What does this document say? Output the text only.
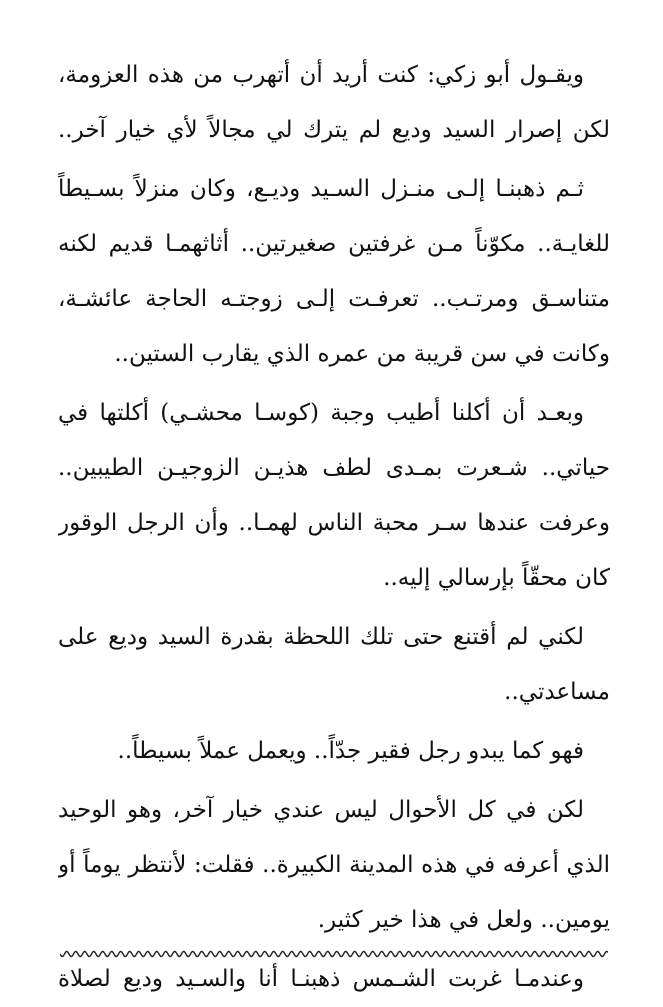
ويقـول أبو زكي: كنت أريد أن أتهرب من هذه العزومة،
لكن إصرار السيد وديع لم يترك لي مجالاً لأي خيار آخر..
ثـم ذهبنـا إلـى منـزل السـيد وديـع، وكان منزلاً بسـيطاً
للغايـة.. مكوّناً مـن غرفتين صغيرتين.. أثاثهمـا قديم لكنه
متناسـق ومرتـب.. تعرفـت إلـى زوجتـه الحاجة عائشـة،
وكانت في سن قريبة من عمره الذي يقارب الستين..
وبعـد أن أكلنا أطيب وجبة (كوسـا محشـي) أكلتها في
حياتي.. شـعرت بمـدى لطف هذيـن الزوجيـن الطيبين..
وعرفت عندها سـر محبة الناس لهمـا.. وأن الرجل الوقور
كان محقّاً بإرسالي إليه..
لكني لم أقتنع حتى تلك اللحظة بقدرة السيد وديع على
مساعدتي..
فهو كما يبدو رجل فقير جدّاً.. ويعمل عملاً بسيطاً..
لكن في كل الأحوال ليس عندي خيار آخر، وهو الوحيد
الذي أعرفه في هذه المدينة الكبيرة.. فقلت: لأنتظر يوماً أو
يومين.. ولعل في هذا خير كثير.
وعندمـا غربت الشـمس ذهبنـا أنا والسـيد وديع لصلاة
